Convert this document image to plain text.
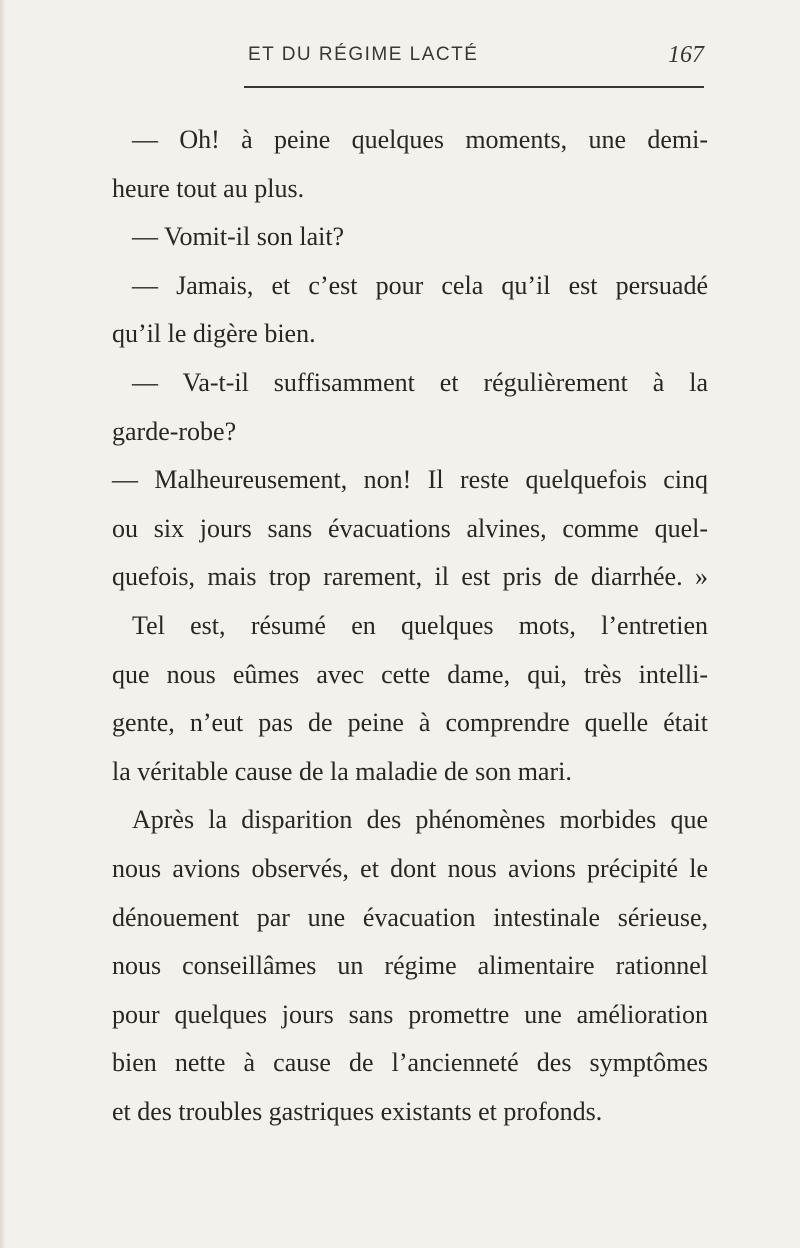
ET DU RÉGIME LACTÉ	167
— Oh! à peine quelques moments, une demi-
heure tout au plus.
— Vomit-il son lait?
— Jamais, et c’est pour cela qu’il est persuadé
qu’il le digère bien.
— Va-t-il suffisamment et régulièrement à la
garde-robe?
— Malheureusement, non! Il reste quelquefois cinq
ou six jours sans évacuations alvines, comme quel-
quefois, mais trop rarement, il est pris de diarrhée. »
Tel est, résumé en quelques mots, l’entretien
que nous eûmes avec cette dame, qui, très intelli-
gente, n’eut pas de peine à comprendre quelle était
la véritable cause de la maladie de son mari.
Après la disparition des phénomènes morbides que
nous avions observés, et dont nous avions précipité le
dénouement par une évacuation intestinale sérieuse,
nous conseillâmes un régime alimentaire rationnel
pour quelques jours sans promettre une amélioration
bien nette à cause de l’ancienneté des symptômes
et des troubles gastriques existants et profonds.
